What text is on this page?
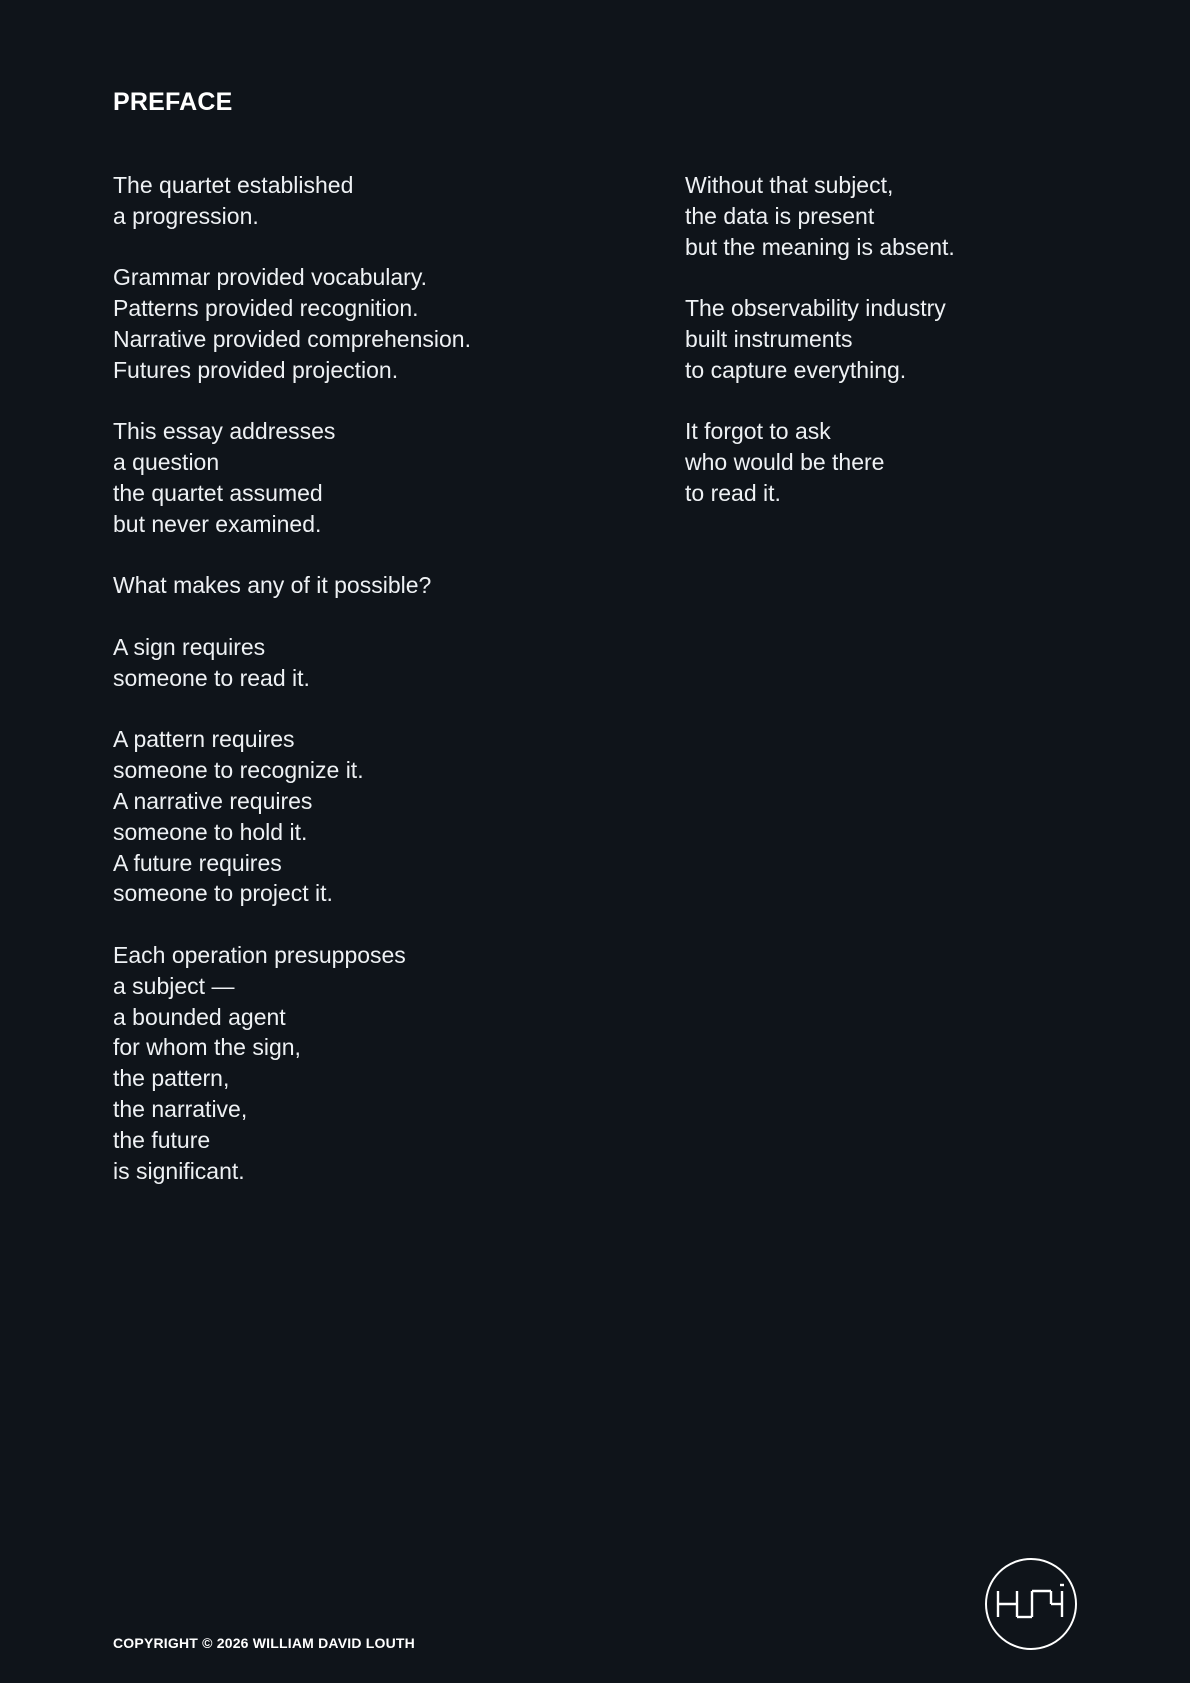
PREFACE

The quartet established
a progression.

Grammar provided vocabulary.
Patterns provided recognition.
Narrative provided comprehension.
Futures provided projection.

This essay addresses
a question
the quartet assumed
but never examined.

What makes any of it possible?

A sign requires
someone to read it.

A pattern requires
someone to recognize it.
A narrative requires
someone to hold it.
A future requires
someone to project it.

Each operation presupposes
a subject —
a bounded agent
for whom the sign,
the pattern,
the narrative,
the future
is significant.

Without that subject,
the data is present
but the meaning is absent.

The observability industry
built instruments
to capture everything.

It forgot to ask
who would be there
to read it.

COPYRIGHT © 2026 WILLIAM DAVID LOUTH
